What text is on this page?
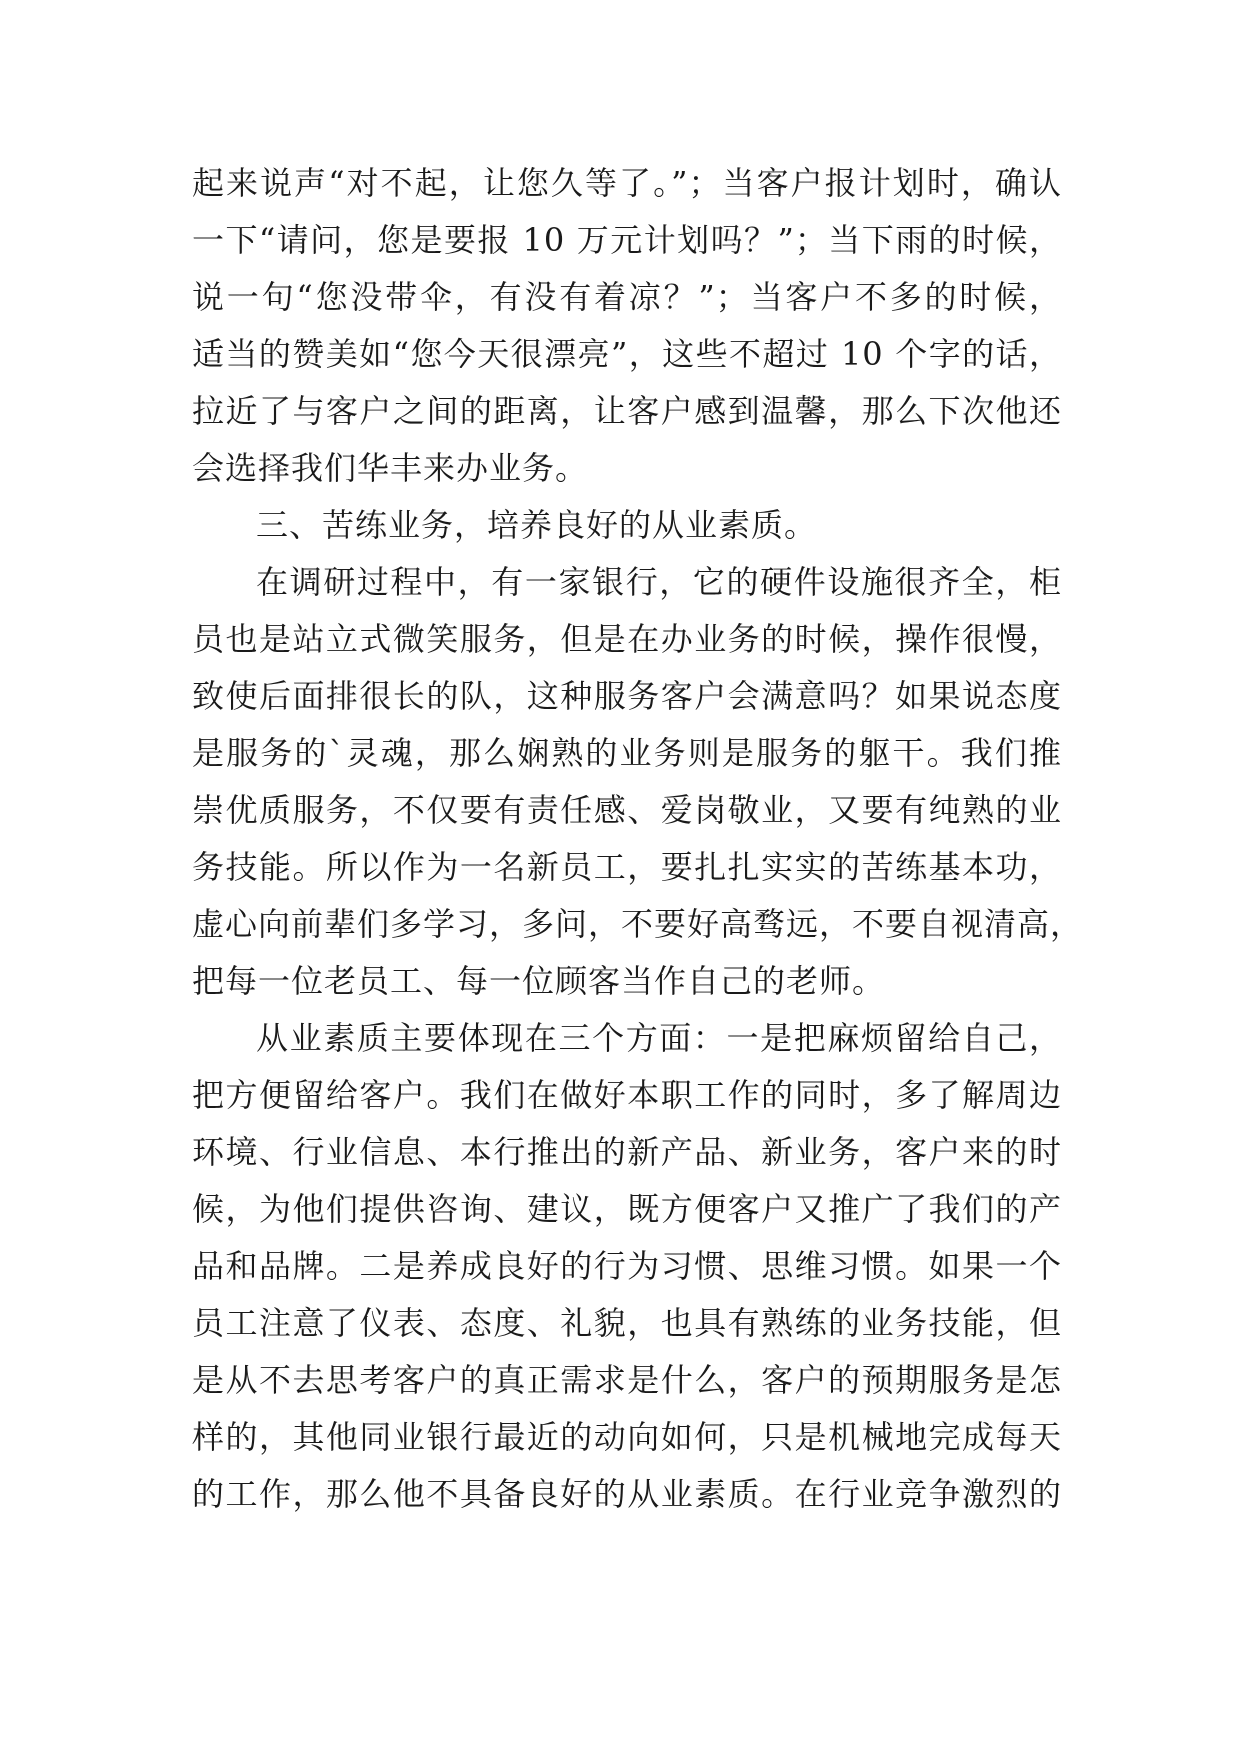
起来说声“对不起，让您久等了。”；当客户报计划时，确认
一下“请问，您是要报 10 万元计划吗？”；当下雨的时候，
说一句“您没带伞，有没有着凉？”；当客户不多的时候，
适当的赞美如“您今天很漂亮”，这些不超过 10 个字的话，
拉近了与客户之间的距离，让客户感到温馨，那么下次他还
会选择我们华丰来办业务。
三、苦练业务，培养良好的从业素质。
在调研过程中，有一家银行，它的硬件设施很齐全，柜
员也是站立式微笑服务，但是在办业务的时候，操作很慢，
致使后面排很长的队，这种服务客户会满意吗？如果说态度
是服务的`灵魂，那么娴熟的业务则是服务的躯干。我们推
崇优质服务，不仅要有责任感、爱岗敬业，又要有纯熟的业
务技能。所以作为一名新员工，要扎扎实实的苦练基本功，
虚心向前辈们多学习，多问，不要好高骛远，不要自视清高，
把每一位老员工、每一位顾客当作自己的老师。
从业素质主要体现在三个方面：一是把麻烦留给自己，
把方便留给客户。我们在做好本职工作的同时，多了解周边
环境、行业信息、本行推出的新产品、新业务，客户来的时
候，为他们提供咨询、建议，既方便客户又推广了我们的产
品和品牌。二是养成良好的行为习惯、思维习惯。如果一个
员工注意了仪表、态度、礼貌，也具有熟练的业务技能，但
是从不去思考客户的真正需求是什么，客户的预期服务是怎
样的，其他同业银行最近的动向如何，只是机械地完成每天
的工作，那么他不具备良好的从业素质。在行业竞争激烈的
